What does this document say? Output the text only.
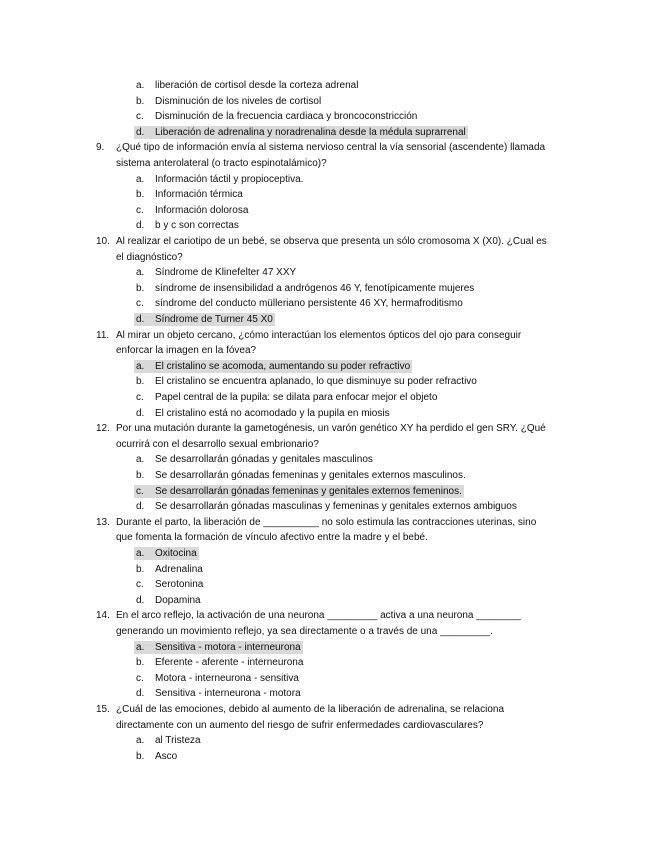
a. liberación de cortisol desde la corteza adrenal
b. Disminución de los niveles de cortisol
c. Disminución de la frecuencia cardiaca y broncoconstricción
d. Liberación de adrenalina y noradrenalina desde la médula suprarrenal
9. ¿Qué tipo de información envía al sistema nervioso central la vía sensorial (ascendente) llamada
sistema anterolateral (o tracto espinotalámico)?
a. Información táctil y propioceptiva.
b. Información térmica
c. Información dolorosa
d. b y c son correctas
10. Al realizar el cariotipo de un bebé, se observa que presenta un sólo cromosoma X (X0). ¿Cual es
el diagnóstico?
a. Síndrome de Klinefelter 47 XXY
b. síndrome de insensibilidad a andrógenos 46 Y, fenotípicamente mujeres
c. síndrome del conducto mülleriano persistente 46 XY, hermafroditismo
d. Síndrome de Turner 45 X0
11. Al mirar un objeto cercano, ¿cómo interactúan los elementos ópticos del ojo para conseguir
enforcar la imagen en la fóvea?
a. El cristalino se acomoda, aumentando su poder refractivo
b. El cristalino se encuentra aplanado, lo que disminuye su poder refractivo
c. Papel central de la pupila: se dilata para enfocar mejor el objeto
d. El cristalino está no acomodado y la pupila en miosis
12. Por una mutación durante la gametogénesis, un varón genético XY ha perdido el gen SRY. ¿Qué
ocurrirá con el desarrollo sexual embrionario?
a. Se desarrollarán gónadas y genitales masculinos
b. Se desarrollarán gónadas femeninas y genitales externos masculinos.
c. Se desarrollarán gónadas femeninas y genitales externos femeninos.
d. Se desarrollarán gónadas masculinas y femeninas y genitales externos ambiguos
13. Durante el parto, la liberación de __________ no solo estimula las contracciones uterinas, sino
que fomenta la formación de vínculo afectivo entre la madre y el bebé.
a. Oxitocina
b. Adrenalina
c. Serotonina
d. Dopamina
14. En el arco reflejo, la activación de una neurona _________ activa a una neurona ________
generando un movimiento reflejo, ya sea directamente o a través de una _________.
a. Sensitiva - motora - interneurona
b. Eferente - aferente - interneurona
c. Motora - interneurona - sensitiva
d. Sensitiva - interneurona - motora
15. ¿Cuál de las emociones, debido al aumento de la liberación de adrenalina, se relaciona
directamente con un aumento del riesgo de sufrir enfermedades cardiovasculares?
a. al Tristeza
b. Asco
